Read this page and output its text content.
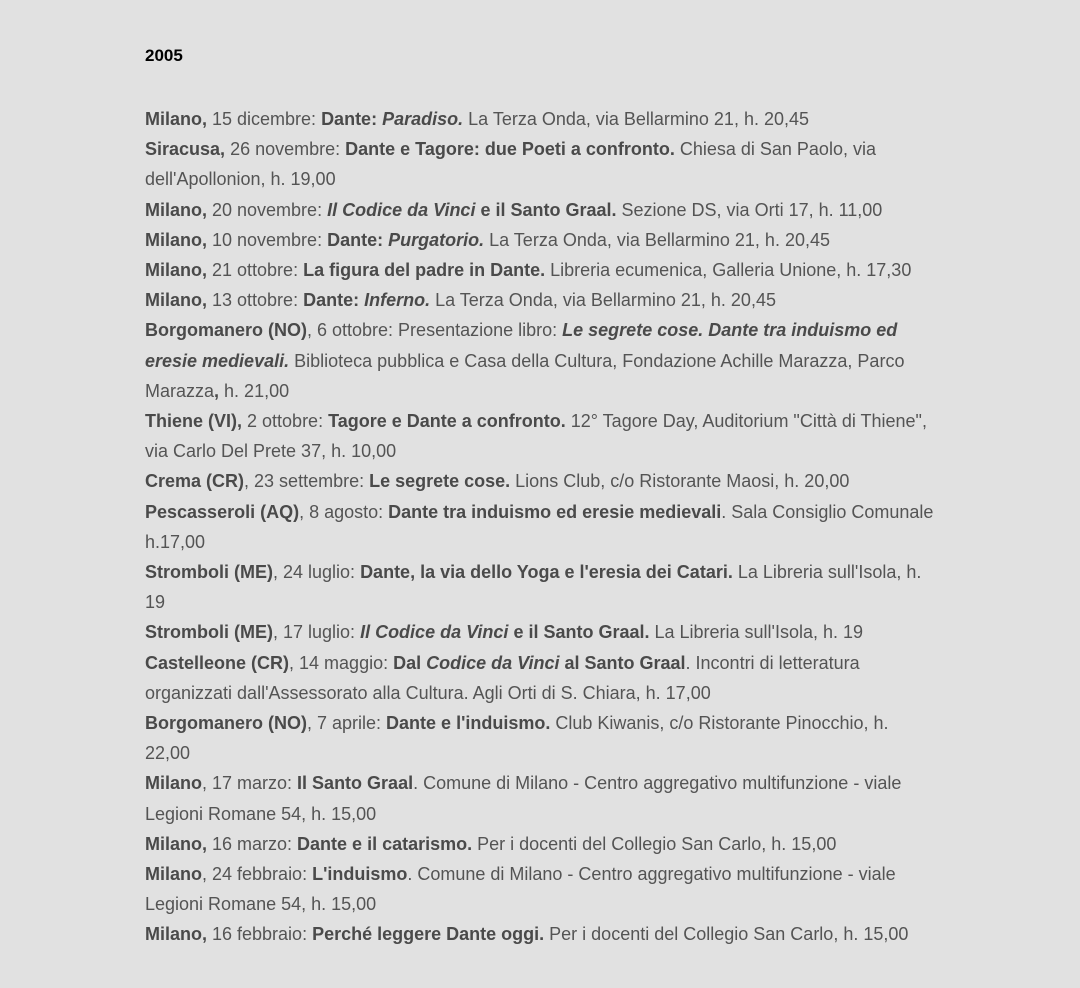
2005

Milano, 15 dicembre: Dante: Paradiso. La Terza Onda, via Bellarmino 21, h. 20,45

Siracusa, 26 novembre: Dante e Tagore: due Poeti a confronto. Chiesa di San Paolo, via dell'Apollonion, h. 19,00

Milano, 20 novembre: Il Codice da Vinci e il Santo Graal. Sezione DS, via Orti 17, h. 11,00

Milano, 10 novembre: Dante: Purgatorio. La Terza Onda, via Bellarmino 21, h. 20,45

Milano, 21 ottobre: La figura del padre in Dante. Libreria ecumenica, Galleria Unione, h. 17,30

Milano, 13 ottobre: Dante: Inferno. La Terza Onda, via Bellarmino 21, h. 20,45

Borgomanero (NO), 6 ottobre: Presentazione libro: Le segrete cose. Dante tra induismo ed eresie medievali. Biblioteca pubblica e Casa della Cultura, Fondazione Achille Marazza, Parco Marazza, h. 21,00

Thiene (VI), 2 ottobre: Tagore e Dante a confronto. 12° Tagore Day, Auditorium "Città di Thiene", via Carlo Del Prete 37, h. 10,00

Crema (CR), 23 settembre: Le segrete cose. Lions Club, c/o Ristorante Maosi, h. 20,00

Pescasseroli (AQ), 8 agosto: Dante tra induismo ed eresie medievali. Sala Consiglio Comunale h.17,00

Stromboli (ME), 24 luglio: Dante, la via dello Yoga e l'eresia dei Catari. La Libreria sull'Isola, h. 19

Stromboli (ME), 17 luglio: Il Codice da Vinci e il Santo Graal. La Libreria sull'Isola, h. 19

Castelleone (CR), 14 maggio: Dal Codice da Vinci al Santo Graal. Incontri di letteratura organizzati dall'Assessorato alla Cultura. Agli Orti di S. Chiara, h. 17,00

Borgomanero (NO), 7 aprile: Dante e l'induismo. Club Kiwanis, c/o Ristorante Pinocchio, h. 22,00

Milano, 17 marzo: Il Santo Graal. Comune di Milano - Centro aggregativo multifunzione - viale Legioni Romane 54, h. 15,00

Milano, 16 marzo: Dante e il catarismo. Per i docenti del Collegio San Carlo, h. 15,00

Milano, 24 febbraio: L'induismo. Comune di Milano - Centro aggregativo multifunzione - viale Legioni Romane 54, h. 15,00

Milano, 16 febbraio: Perché leggere Dante oggi. Per i docenti del Collegio San Carlo, h. 15,00
